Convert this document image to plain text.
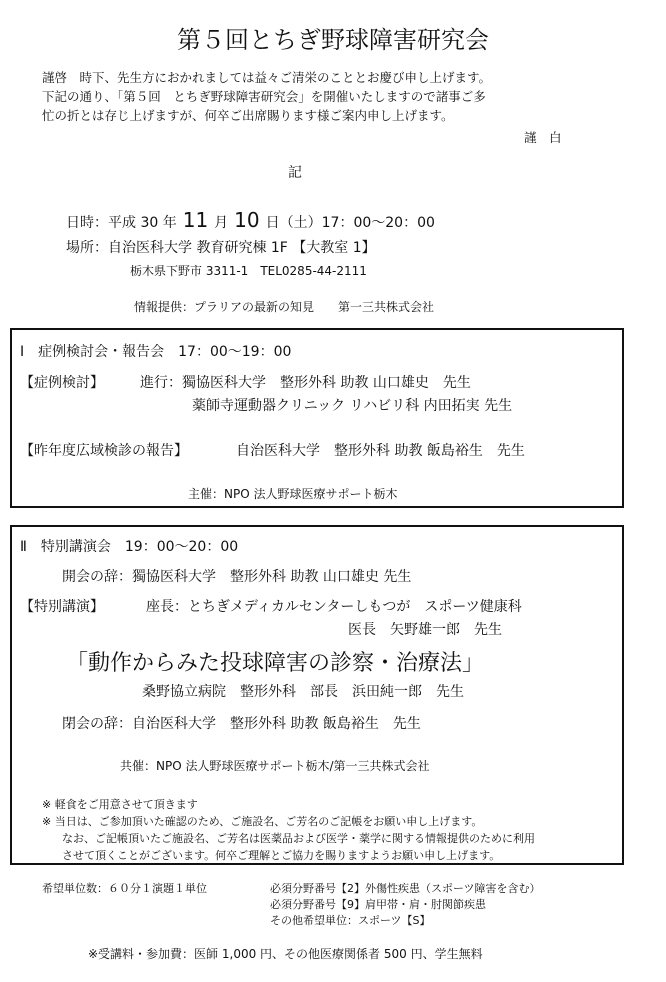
第５回とちぎ野球障害研究会
謹啓　時下、先生方におかれましては益々ご清栄のこととお慶び申し上げます。
下記の通り、「第５回　とちぎ野球障害研究会」を開催いたしますので諸事ご多
忙の折とは存じ上げますが、何卒ご出席賜ります様ご案内申し上げます。
謹　白
記
日時：平成 30 年 11 月 10 日（土）17：00〜20：00
場所：自治医科大学 教育研究棟 1F 【大教室 1】
栃木県下野市 3311-1　TEL0285-44-2111
情報提供：プラリアの最新の知見　　第一三共株式会社
Ⅰ　症例検討会・報告会　17：00〜19：00
【症例検討】	進行：獨協医科大学　整形外科 助教 山口雄史　先生
薬師寺運動器クリニック リハビリ科 内田拓実 先生
【昨年度広域検診の報告】	自治医科大学　整形外科 助教 飯島裕生　先生
主催：NPO 法人野球医療サポート栃木
Ⅱ　特別講演会　19：00〜20：00
開会の辞：獨協医科大学　整形外科 助教 山口雄史 先生
【特別講演】	座長：とちぎメディカルセンターしもつが　スポーツ健康科
医長　矢野雄一郎　先生
「動作からみた投球障害の診察・治療法」
桑野協立病院　整形外科　部長　浜田純一郎　先生
閉会の辞：自治医科大学　整形外科 助教 飯島裕生　先生
共催：NPO 法人野球医療サポート栃木/第一三共株式会社
※ 軽食をご用意させて頂きます
※ 当日は、ご参加頂いた確認のため、ご施設名、ご芳名のご記帳をお願い申し上げます。
なお、ご記帳頂いたご施設名、ご芳名は医薬品および医学・薬学に関する情報提供のために利用
させて頂くことがございます。何卒ご理解とご協力を賜りますようお願い申し上げます。
希望単位数：６０分１演題１単位	必須分野番号【2】外傷性疾患（スポーツ障害を含む）
必須分野番号【9】肩甲帯・肩・肘関節疾患
その他希望単位：スポーツ【S】
※受講料・参加費：医師 1,000 円、その他医療関係者 500 円、学生無料
